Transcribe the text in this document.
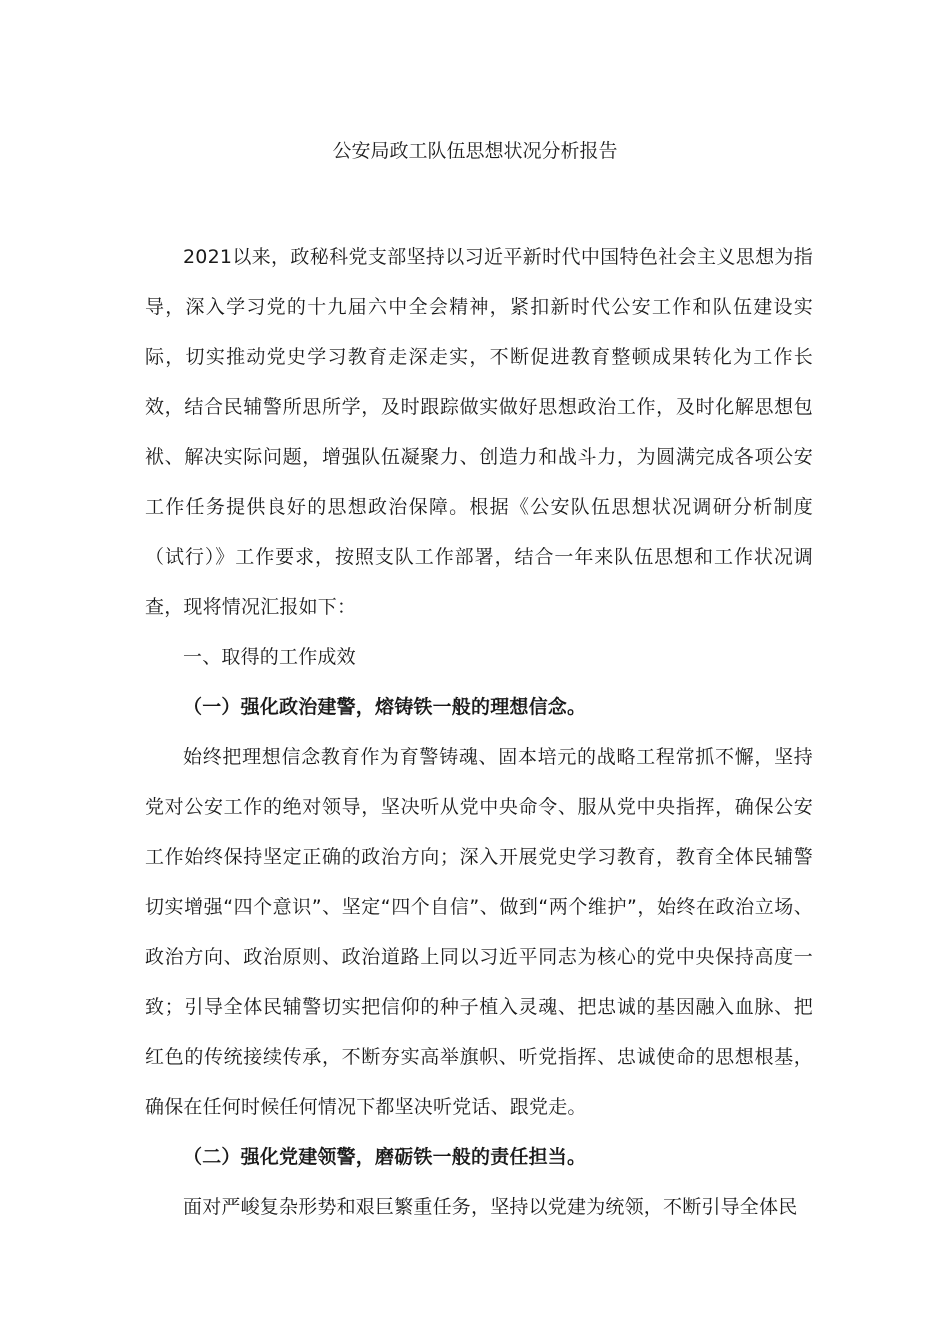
公安局政工队伍思想状况分析报告

2021以来，政秘科党支部坚持以习近平新时代中国特色社会主义思想为指导，深入学习党的十九届六中全会精神，紧扣新时代公安工作和队伍建设实际，切实推动党史学习教育走深走实，不断促进教育整顿成果转化为工作长效，结合民辅警所思所学，及时跟踪做实做好思想政治工作，及时化解思想包袱、解决实际问题，增强队伍凝聚力、创造力和战斗力，为圆满完成各项公安工作任务提供良好的思想政治保障。根据《公安队伍思想状况调研分析制度（试行）》工作要求，按照支队工作部署，结合一年来队伍思想和工作状况调查，现将情况汇报如下：

一、取得的工作成效

（一）强化政治建警，熔铸铁一般的理想信念。

始终把理想信念教育作为育警铸魂、固本培元的战略工程常抓不懈，坚持党对公安工作的绝对领导，坚决听从党中央命令、服从党中央指挥，确保公安工作始终保持坚定正确的政治方向；深入开展党史学习教育，教育全体民辅警切实增强“四个意识”、坚定“四个自信”、做到“两个维护”，始终在政治立场、政治方向、政治原则、政治道路上同以习近平同志为核心的党中央保持高度一致；引导全体民辅警切实把信仰的种子植入灵魂、把忠诚的基因融入血脉、把红色的传统接续传承，不断夯实高举旗帜、听党指挥、忠诚使命的思想根基，确保在任何时候任何情况下都坚决听党话、跟党走。

（二）强化党建领警，磨砺铁一般的责任担当。

面对严峻复杂形势和艰巨繁重任务，坚持以党建为统领，不断引导全体民
